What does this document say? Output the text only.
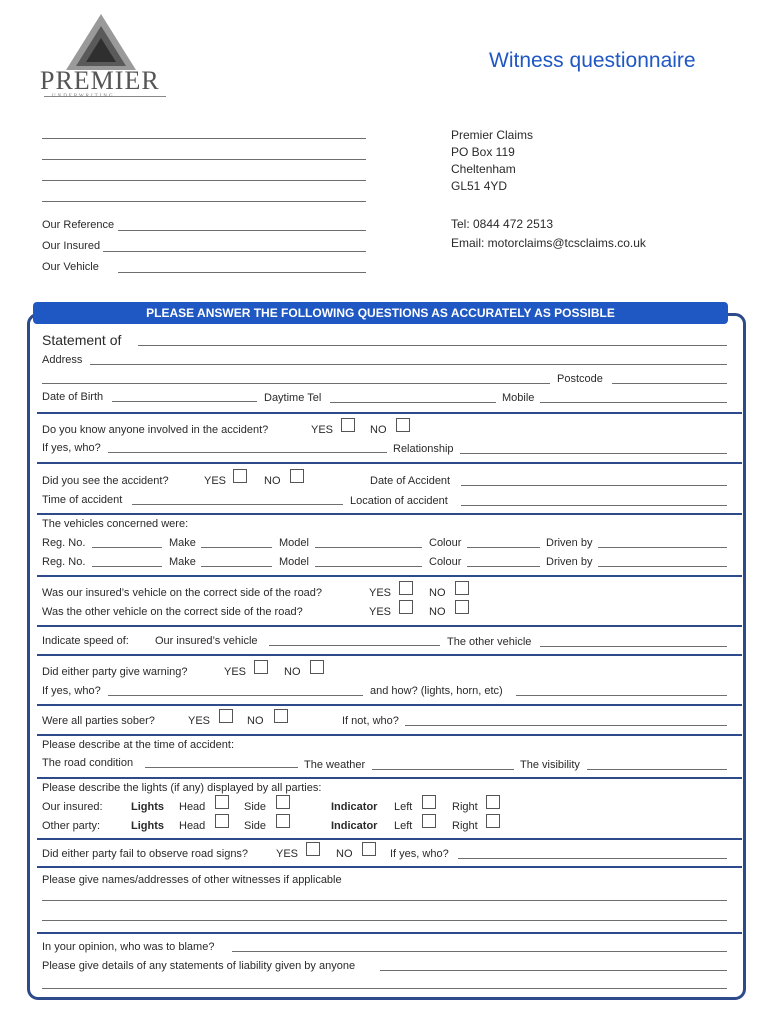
PREMIER
UNDERWRITING
Witness questionnaire
Premier Claims
PO Box 119
Cheltenham
GL51 4YD
Tel: 0844 472 2513
Email: motorclaims@tcsclaims.co.uk
Our Reference
Our Insured
Our Vehicle
PLEASE ANSWER THE FOLLOWING QUESTIONS AS ACCURATELY AS POSSIBLE
Statement of
Address
Postcode
Date of Birth	Daytime Tel	Mobile
Do you know anyone involved in the accident?	YES	NO
If yes, who?	Relationship
Did you see the accident?	YES	NO	Date of Accident
Time of accident	Location of accident
The vehicles concerned were:
Reg. No.	Make	Model	Colour	Driven by
Reg. No.	Make	Model	Colour	Driven by
Was our insured’s vehicle on the correct side of the road?	YES	NO
Was the other vehicle on the correct side of the road?	YES	NO
Indicate speed of: Our insured’s vehicle	The other vehicle
Did either party give warning?	YES	NO
If yes, who?	and how? (lights, horn, etc)
Were all parties sober?	YES	NO	If not, who?
Please describe at the time of accident:
The road condition	The weather	The visibility
Please describe the lights (if any) displayed by all parties:
Our insured:	Lights Head	Side	Indicator Left	Right
Other party:	Lights Head	Side	Indicator Left	Right
Did either party fail to observe road signs?	YES	NO	If yes, who?
Please give names/addresses of other witnesses if applicable
In your opinion, who was to blame?
Please give details of any statements of liability given by anyone
